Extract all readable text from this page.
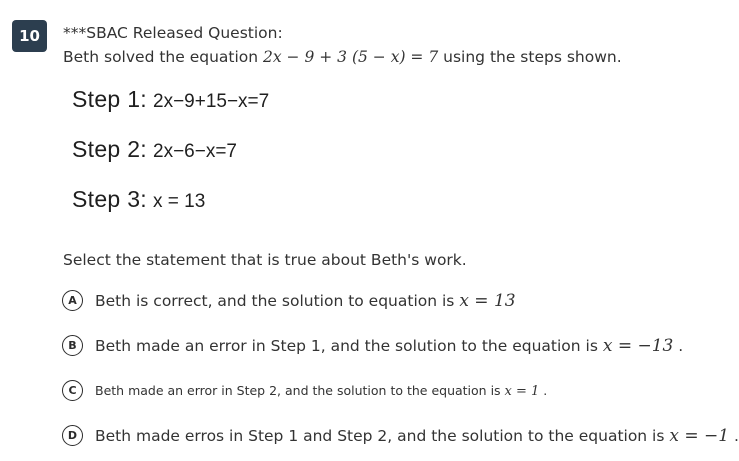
10	***SBAC Released Question:
Beth solved the equation 2x − 9 + 3 (5 − x) = 7 using the steps shown.
Step 1: 2x−9+15−x=7
Step 2: 2x−6−x=7
Step 3: x = 13
Select the statement that is true about Beth's work.
A	Beth is correct, and the solution to equation is x = 13
B	Beth made an error in Step 1, and the solution to the equation is x = −13 .
C	Beth made an error in Step 2, and the solution to the equation is x = 1 .
D	Beth made erros in Step 1 and Step 2, and the solution to the equation is x = −1 .
